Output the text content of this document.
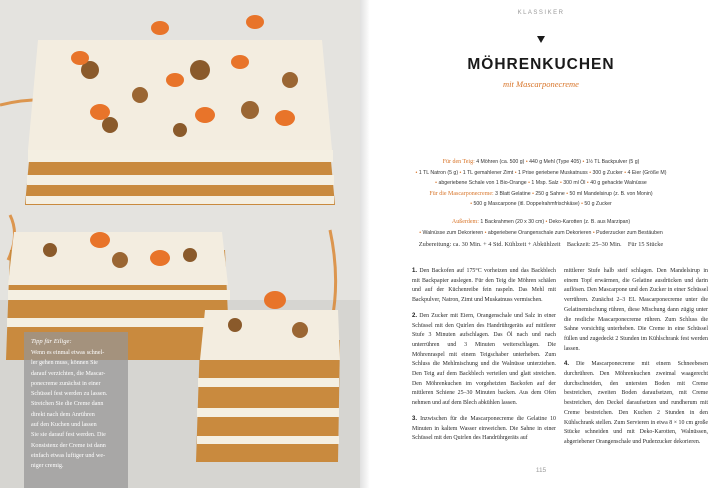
Tipp für Eilige:
Wenn es einmal etwas schnel-
ler gehen muss, können Sie
darauf verzichten, die Mascar-
ponecreme zunächst in einer
Schüssel fest werden zu lassen.
Streichen Sie die Creme dann
direkt nach dem Anrühren
auf den Kuchen und lassen
Sie sie darauf fest werden. Die
Konsistenz der Creme ist dann
einfach etwas luftiger und we-
niger cremig.
KLASSIKER
MÖHRENKUCHEN
mit Mascarponecreme
Für den Teig: 4 Möhren (ca. 500 g) • 440 g Mehl (Type 405) • 1½ TL Backpulver (5 g)
• 1 TL Natron (5 g) • 1 TL gemahlener Zimt • 1 Prise geriebene Muskatnuss • 300 g Zucker • 4 Eier (Größe M)
• abgeriebene Schale von 1 Bio-Orange • 1 Msp. Salz • 300 ml Öl • 40 g gehackte Walnüsse
Für die Mascarponecreme: 3 Blatt Gelatine • 250 g Sahne • 50 ml Mandelsirup (z. B. von Monin)
• 500 g Mascarpone (itl. Doppelrahmfrischkäse) • 50 g Zucker
Außerdem: 1 Backrahmen (20 x 30 cm) • Deko-Karotten (z. B. aus Marzipan)
• Walnüsse zum Dekorieren • abgeriebene Orangenschale zum Dekorieren • Puderzucker zum Bestäuben
Zubereitung: ca. 30 Min. + 4 Std. Kühlzeit + Abkühlzeit Backzeit: 25–30 Min. Für 15 Stücke

1. Den Backofen auf 175°C vorheizen und das Backblech mit Backpapier auslegen. Für den Teig die Möhren schälen und auf der Küchenreibe fein raspeln. Das Mehl mit Backpulver, Natron, Zimt und Muskatnuss vermischen.

2. Den Zucker mit Eiern, Orangenschale und Salz in einer Schüssel mit den Quirlen des Handrührgeräts auf mittlerer Stufe 3 Minuten aufschlagen. Das Öl nach und nach unterrühren und 3 Minuten weiterschlagen. Die Möhrenraspel mit einem Teigschaber unterheben. Zum Schluss die Mehlmischung und die Walnüsse unterziehen. Den Teig auf dem Backblech verteilen und glatt streichen. Den Möhrenkuchen im vorgeheizten Backofen auf der mittleren Schiene 25–30 Minuten backen. Aus dem Ofen nehmen und auf dem Blech abkühlen lassen.

3. Inzwischen für die Mascarponecreme die Gelatine 10 Minuten in kaltem Wasser einweichen. Die Sahne in einer Schüssel mit den Quirlen des Handrührgeräts auf

mittlerer Stufe halb steif schlagen. Den Mandelsirup in einem Topf erwärmen, die Gelatine ausdrücken und darin auflösen. Den Mascarpone und den Zucker in einer Schüssel verrühren. Zunächst 2–3 EL Mascarponecreme unter die Gelatinemischung rühren, diese Mischung dann zügig unter die restliche Mascarponecreme rühren. Zum Schluss die Sahne vorsichtig unterheben. Die Creme in eine Schüssel füllen und zugedeckt 2 Stunden im Kühlschrank fest werden lassen.

4. Die Mascarponecreme mit einem Schneebesen durchrühren. Den Möhrenkuchen zweimal waagerecht durchschneiden, den untersten Boden mit Creme bestreichen, zweiten Boden daraufsetzen, mit Creme bestreichen, den Deckel daraufsetzen und rundherum mit Creme bestreichen. Den Kuchen 2 Stunden in den Kühlschrank stellen. Zum Servieren in etwa 8 × 10 cm große Stücke schneiden und mit Deko-Karotten, Walnüssen, abgeriebener Orangenschale und Puderzucker dekorieren.

115
